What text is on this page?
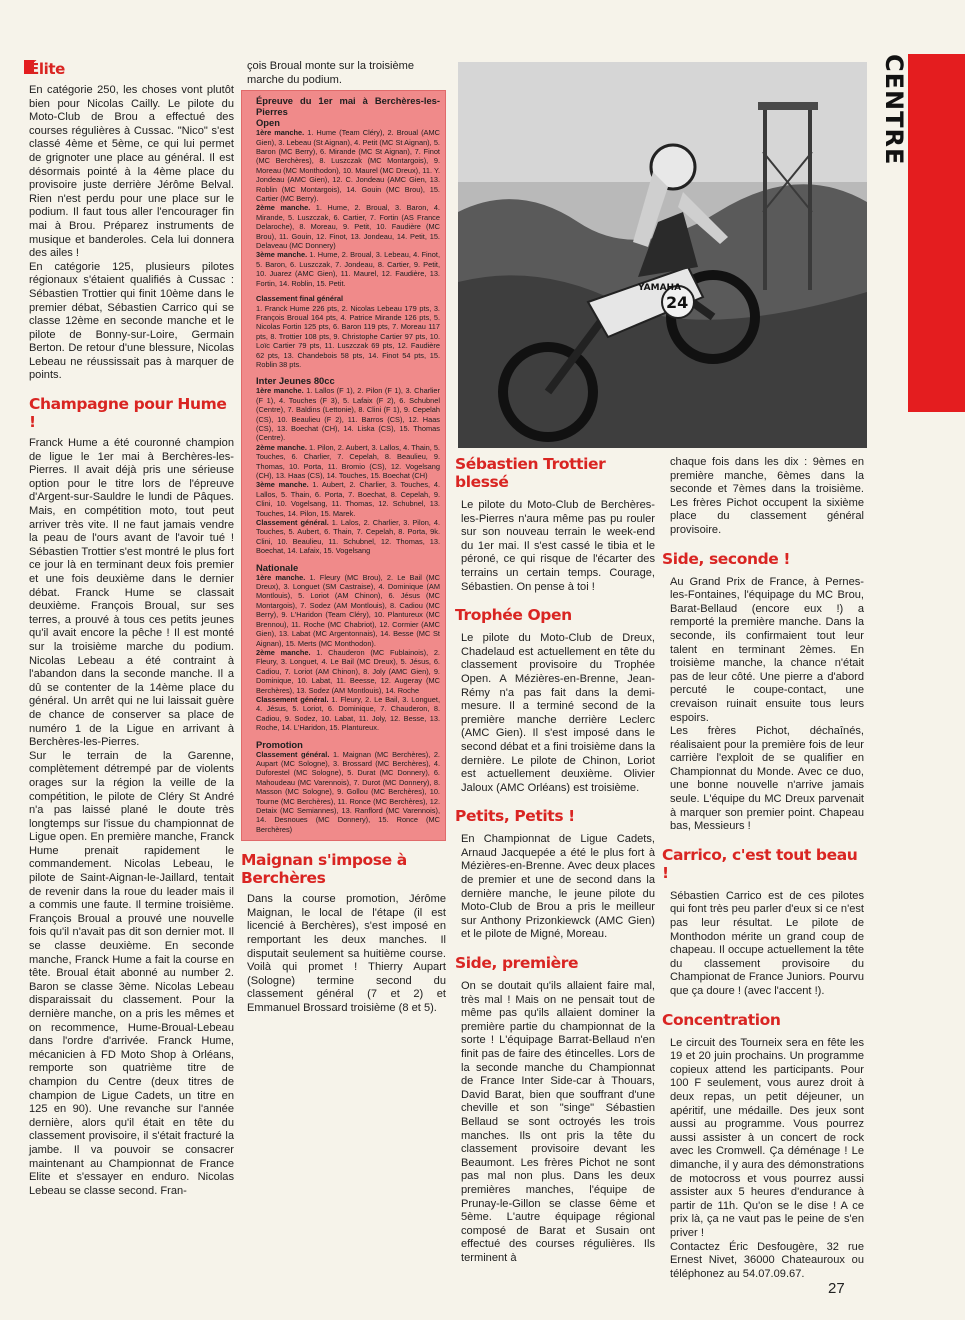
CENTRE
Élite

En catégorie 250, les choses vont plutôt bien pour Nicolas Cailly. Le pilote du Moto-Club de Brou a effectué des courses régulières à Cussac. "Nico" s'est classé 4ème et 5ème, ce qui lui permet de grignoter une place au général. Il est désormais pointé à la 4ème place du provisoire juste derrière Jérôme Belval. Rien n'est perdu pour une place sur le podium. Il faut tous aller l'encourager fin mai à Brou. Préparez instruments de musique et banderoles. Cela lui donnera des ailes !

En catégorie 125, plusieurs pilotes régionaux s'étaient qualifiés à Cussac : Sébastien Trottier qui finit 10ème dans le premier débat, Sébastien Carrico qui se classe 12ème en seconde manche et le pilote de Bonny-sur-Loire, Germain Berton. De retour d'une blessure, Nicolas Lebeau ne réussissait pas à marquer de points.

Champagne pour Hume !

Franck Hume a été couronné champion de ligue le 1er mai à Berchères-les-Pierres. Il avait déjà pris une sérieuse option pour le titre lors de l'épreuve d'Argent-sur-Sauldre le lundi de Pâques. Mais, en compétition moto, tout peut arriver très vite. Il ne faut jamais vendre la peau de l'ours avant de l'avoir tué ! Sébastien Trottier s'est montré le plus fort ce jour là en terminant deux fois premier et une fois deuxième dans le dernier débat. Franck Hume se classait deuxième. François Broual, sur ses terres, a prouvé à tous ces petits jeunes qu'il avait encore la pêche ! Il est monté sur la troisième marche du podium. Nicolas Lebeau a été contraint à l'abandon dans la seconde manche. Il a dû se contenter de la 14ème place du général. Un arrêt qui ne lui laissait guère de chance de conserver sa place de numéro 1 de la Ligue en arrivant à Berchères-les-Pierres.

Sur le terrain de la Garenne, complètement détrempé par de violents orages sur la région la veille de la compétition, le pilote de Cléry St André n'a pas laissé plané le doute très longtemps sur l'issue du championnat de Ligue open. En première manche, Franck Hume prenait rapidement le commandement. Nicolas Lebeau, le pilote de Saint-Aignan-le-Jaillard, tentait de revenir dans la roue du leader mais il a commis une faute. Il termine troisième. François Broual a prouvé une nouvelle fois qu'il n'avait pas dit son dernier mot. Il se classe deuxième. En seconde manche, Franck Hume a fait la course en tête. Broual était abonné au number 2. Baron se classe 3ème. Nicolas Lebeau disparaissait du classement. Pour la dernière manche, on a pris les mêmes et on recommence, Hume-Broual-Lebeau dans l'ordre d'arrivée. Franck Hume, mécanicien à FD Moto Shop à Orléans, remporte son quatrième titre de champion du Centre (deux titres de champion de Ligue Cadets, un titre en 125 en 90). Une revanche sur l'année dernière, alors qu'il était en tête du classement provisoire, il s'était fracturé la jambe. Il va pouvoir se consacrer maintenant au Championnat de France Elite et s'essayer en enduro. Nicolas Lebeau se classe second. Fran-

çois Broual monte sur la troisième marche du podium.
Épreuve du 1er mai à Berchères-les-Pierres
Open

1ère manche. 1. Hume (Team Cléry), 2. Broual (AMC Gien), 3. Lebeau (St Aignan), 4. Petit (MC St Aignan), 5. Baron (MC Berry), 6. Mirande (MC St Aignan), 7. Finot (MC Berchères), 8. Luszczak (MC Montargois), 9. Moreau (MC Monthodon), 10. Maurel (MC Dreux), 11. Y. Jondeau (AMC Gien), 12. C. Jondeau (AMC Gien, 13. Roblin (MC Montargois), 14. Gouin (MC Brou), 15. Cartier (MC Berry).

2ème manche. 1. Hume, 2. Broual, 3. Baron, 4. Mirande, 5. Luszczak, 6. Cartier, 7. Fortin (AS France Delaroche), 8. Moreau, 9. Petit, 10. Faudière (MC Brou), 11. Gouin, 12. Finot, 13. Jondeau, 14. Petit, 15. Delaveau (MC Donnery)

3ème manche. 1. Hume, 2. Broual, 3. Lebeau, 4. Finot, 5. Baron, 6. Luszczak, 7. Jondeau, 8. Cartier, 9. Petit, 10. Juarez (AMC Gien), 11. Maurel, 12. Faudière, 13. Fortin, 14. Roblin, 15. Petit.

Classement final général

1. Franck Hume 226 pts, 2. Nicolas Lebeau 179 pts, 3. François Broual 164 pts, 4. Patrice Mirande 126 pts, 5. Nicolas Fortin 125 pts, 6. Baron 119 pts, 7. Moreau 117 pts, 8. Trottier 108 pts, 9. Christophe Cartier 97 pts, 10. Loïc Cartier 79 pts, 11. Luszczak 69 pts, 12. Faudière 62 pts, 13. Chandebois 58 pts, 14. Finot 54 pts, 15. Roblin 38 pts.

Inter Jeunes 80cc

1ère manche. 1. Lallos (F 1), 2. Pilon (F 1), 3. Charlier (F 1), 4. Touches (F 3), 5. Lafaix (F 2), 6. Schubnel (Centre), 7. Baldins (Lettonie), 8. Clini (F 1), 9. Cepelah (CS), 10. Beaulieu (F 2), 11. Barros (CS), 12. Haas (CS), 13. Boechat (CH), 14. Liska (CS), 15. Thomas (Centre).

2ème manche. 1. Pilon, 2. Aubert, 3. Lallos, 4. Thain, 5. Touches, 6. Charlier, 7. Cepelah, 8. Beaulieu, 9. Thomas, 10. Porta, 11. Bromio (CS), 12. Vogelsang (CH), 13. Haas (CS), 14. Touches, 15. Boechat (CH)

3ème manche. 1. Aubert, 2. Charlier, 3. Touches, 4. Lallos, 5. Thain, 6. Porta, 7. Boechat, 8. Cepelah, 9. Clini, 10. Vogelsang, 11. Thomas, 12. Schubnel, 13. Touches, 14. Pilon, 15. Marek.

Classement général. 1. Lalos, 2. Charlier, 3. Pilon, 4. Touches, 5. Aubert, 6. Thain, 7. Cepelah, 8. Porta, 9k. Clini, 10. Beaulieu, 11. Schubnel, 12. Thomas, 13. Boechat, 14. Lafaix, 15. Vogelsang

Nationale

1ère manche. 1. Fleury (MC Brou), 2. Le Bail (MC Dreux), 3. Longuet (SM Castraise), 4. Dominique (AM Montlouis), 5. Loriot (AM Chinon), 6. Jésus (MC Montargois), 7. Sodez (AM Montlouis), 8. Cadiou (MC Berry), 9. L'Haridon (Team Cléry), 10. Plantureux (MC Brennou), 11. Roche (MC Chabriot), 12. Cormier (AMC Gien), 13. Labat (MC Argentonnais), 14. Besse (MC St Aignan), 15. Merts (MC Monthodon).

2ème manche. 1. Chauderon (MC Fublainois), 2. Fleury, 3. Longuet, 4. Le Bail (MC Dreux), 5. Jésus, 6. Cadiou, 7. Loriot (AM Chinon), 8. Joly (AMC Gien), 9. Dominique, 10. Labat, 11. Beesse, 12. Augeray (MC Berchères), 13. Sodez (AM Montlouis), 14. Roche

Classement général. 1. Fleury, 2. Le Bail, 3. Longuet, 4. Jésus, 5. Loriot, 6. Dominique, 7. Chauderon, 8. Cadiou, 9. Sodez, 10. Labat, 11. Joly, 12. Besse, 13. Roche, 14. L'Haridon, 15. Plantureux.

Promotion

Classement général. 1. Maignan (MC Berchères), 2. Aupart (MC Sologne), 3. Brossard (MC Berchères), 4. Duforestel (MC Sologne), 5. Durat (MC Donnery), 6. Mahoudeau (MC Varennois), 7. Durot (MC Donnery), 8. Masson (MC Sologne), 9. Gollou (MC Berchères), 10. Tourne (MC Berchères), 11. Ronce (MC Berchères), 12. Detaix (MC Semiannes), 13. Ranflord (MC Varennois), 14. Desnoues (MC Donnery), 15. Ronce (MC Berchères)

Maignan s'impose à Berchères

Dans la course promotion, Jérôme Maignan, le local de l'étape (il est licencié à Berchères), s'est imposé en remportant les deux manches. Il disputait seulement sa huitième course. Voilà qui promet ! Thierry Aupart (Sologne) termine second du classement général (7 et 2) et Emmanuel Brossard troisième (8 et 5).

24
YAMAHA
Sébastien Trottier blessé

Le pilote du Moto-Club de Berchères-les-Pierres n'aura même pas pu rouler sur son nouveau terrain le week-end du 1er mai. Il s'est cassé le tibia et le péroné, ce qui risque de l'écarter des terrains un certain temps. Courage, Sébastien. On pense à toi !

Trophée Open

Le pilote du Moto-Club de Dreux, Chadelaud est actuellement en tête du classement provisoire du Trophée Open. A Mézières-en-Brenne, Jean-Rémy n'a pas fait dans la demi-mesure. Il a terminé second de la première manche derrière Leclerc (AMC Gien). Il s'est imposé dans le second débat et a fini troisième dans la dernière. Le pilote de Chinon, Loriot est actuellement deuxième. Olivier Jaloux (AMC Orléans) est troisième.

Petits, Petits !

En Championnat de Ligue Cadets, Arnaud Jacquepée a été le plus fort à Mézières-en-Brenne. Avec deux places de premier et une de second dans la dernière manche, le jeune pilote du Moto-Club de Brou a pris le meilleur sur Anthony Prizonkiewck (AMC Gien) et le pilote de Migné, Moreau.

Side, première

On se doutait qu'ils allaient faire mal, très mal ! Mais on ne pensait tout de même pas qu'ils allaient dominer la première partie du championnat de la sorte ! L'équipage Barrat-Bellaud n'en finit pas de faire des étincelles. Lors de la seconde manche du Championnat de France Inter Side-car à Thouars, David Barat, bien que souffrant d'une cheville et son "singe" Sébastien Bellaud se sont octroyés les trois manches. Ils ont pris la tête du classement provisoire devant les Beaumont. Les frères Pichot ne sont pas mal non plus. Dans les deux premières manches, l'équipe de Prunay-le-Gillon se classe 6ème et 5ème. L'autre équipage régional composé de Barat et Susain ont effectué des courses régulières. Ils terminent à

chaque fois dans les dix : 9èmes en première manche, 6èmes dans la seconde et 7èmes dans la troisième. Les frères Pichot occupent la sixième place du classement général provisoire.
Side, seconde !

Au Grand Prix de France, à Pernes-les-Fontaines, l'équipage du MC Brou, Barat-Bellaud (encore eux !) a remporté la première manche. Dans la seconde, ils confirmaient tout leur talent en terminant 2èmes. En troisième manche, la chance n'était pas de leur côté. Une pierre a d'abord percuté le coupe-contact, une crevaison ruinait ensuite tous leurs espoirs.

Les frères Pichot, déchaînés, réalisaient pour la première fois de leur carrière l'exploit de se qualifier en Championnat du Monde. Avec ce duo, une bonne nouvelle n'arrive jamais seule. L'équipe du MC Dreux parvenait à marquer son premier point. Chapeau bas, Messieurs !

Carrico, c'est tout beau !

Sébastien Carrico est de ces pilotes qui font très peu parler d'eux si ce n'est pas leur résultat. Le pilote de Monthodon mérite un grand coup de chapeau. Il occupe actuellement la tête du classement provisoire du Championat de France Juniors. Pourvu que ça doure ! (avec l'accent !).

Concentration

Le circuit des Tourneix sera en fête les 19 et 20 juin prochains. Un programme copieux attend les participants. Pour 100 F seulement, vous aurez droit à deux repas, un petit déjeuner, un apéritif, une médaille. Des jeux sont aussi au programme. Vous pourrez aussi assister à un concert de rock avec les Cromwell. Ça déménage ! Le dimanche, il y aura des démonstrations de motocross et vous pourrez aussi assister aux 5 heures d'endurance à partir de 11h. Qu'on se le dise ! A ce prix là, ça ne vaut pas le peine de s'en priver !

Contactez Éric Desfougère, 32 rue Ernest Nivet, 36000 Chateauroux ou téléphonez au 54.07.09.67.

27
